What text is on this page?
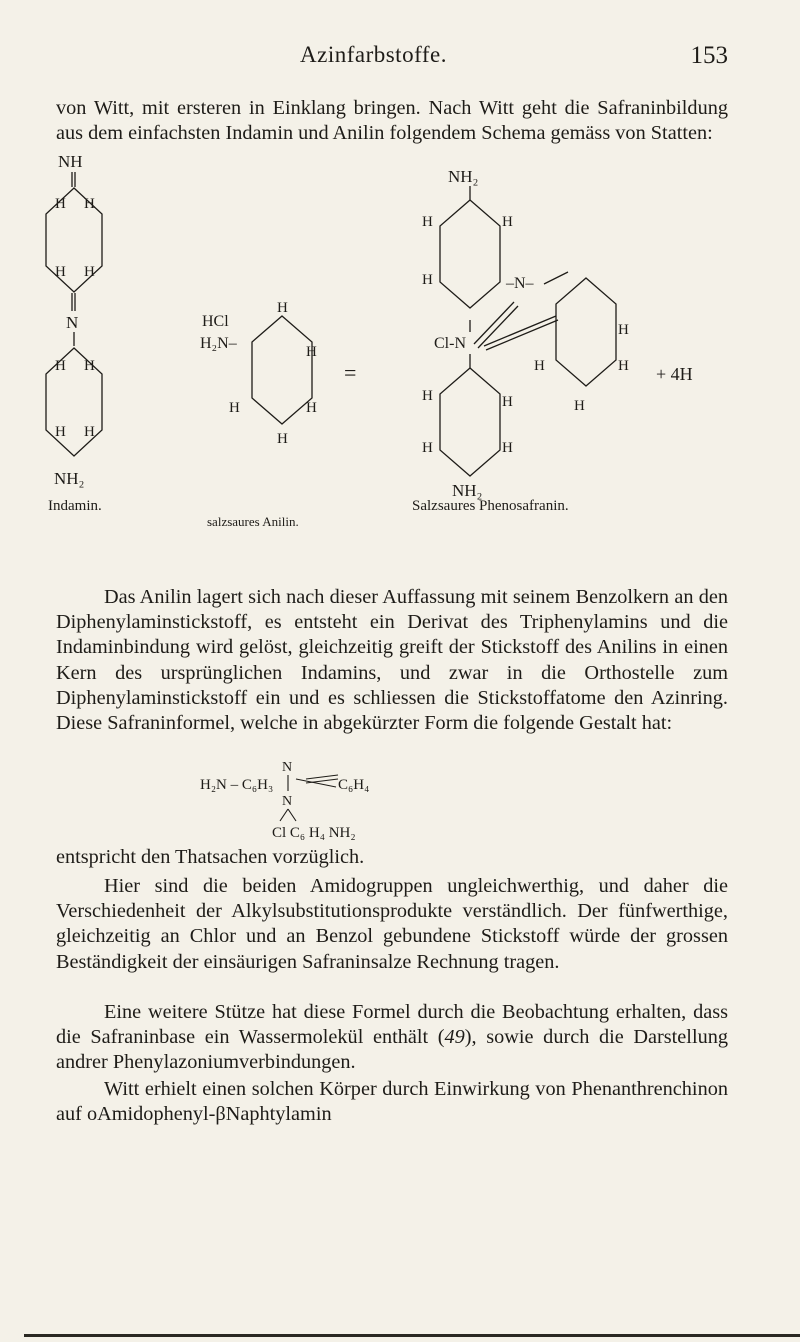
Azinfarbstoffe.	153

von Witt, mit ersteren in Einklang bringen. Nach Witt geht die Safraninbildung aus dem einfachsten Indamin und Anilin folgendem Schema gemäss von Statten:

NH
H H
H H
N
H H
H H
NH₂
Indamin.
HCl
H₂N–
H
H
H	H
H
salzsaures Anilin.
=
NH₂
H	H
H	–N–
H
H
H
H
Cl-N
H	H
H	H
NH₂
Salzsaures Phenosafranin.
+ 4H

Das Anilin lagert sich nach dieser Auffassung mit seinem Benzolkern an den Diphenylaminstickstoff, es entsteht ein Derivat des Triphenylamins und die Indaminbindung wird gelöst, gleichzeitig greift der Stickstoff des Anilins in einen Kern des ursprünglichen Indamins, und zwar in die Orthostelle zum Diphenylaminstickstoff ein und es schliessen die Stickstoffatome den Azinring. Diese Safraninformel, welche in abgekürzter Form die folgende Gestalt hat:

N
H₂N – C₆H₃	C₆H₄
N
Cl C₆ H₄ NH₂

entspricht den Thatsachen vorzüglich.

Hier sind die beiden Amidogruppen ungleichwerthig, und daher die Verschiedenheit der Alkylsubstitutionsprodukte verständlich. Der fünfwerthige, gleichzeitig an Chlor und an Benzol gebundene Stickstoff würde der grossen Beständigkeit der einsäurigen Safraninsalze Rechnung tragen.

Eine weitere Stütze hat diese Formel durch die Beobachtung erhalten, dass die Safraninbase ein Wassermolekül enthält (49), sowie durch die Darstellung andrer Phenylazoniumverbindungen.

Witt erhielt einen solchen Körper durch Einwirkung von Phenanthrenchinon auf oAmidophenyl-βNaphtylamin
